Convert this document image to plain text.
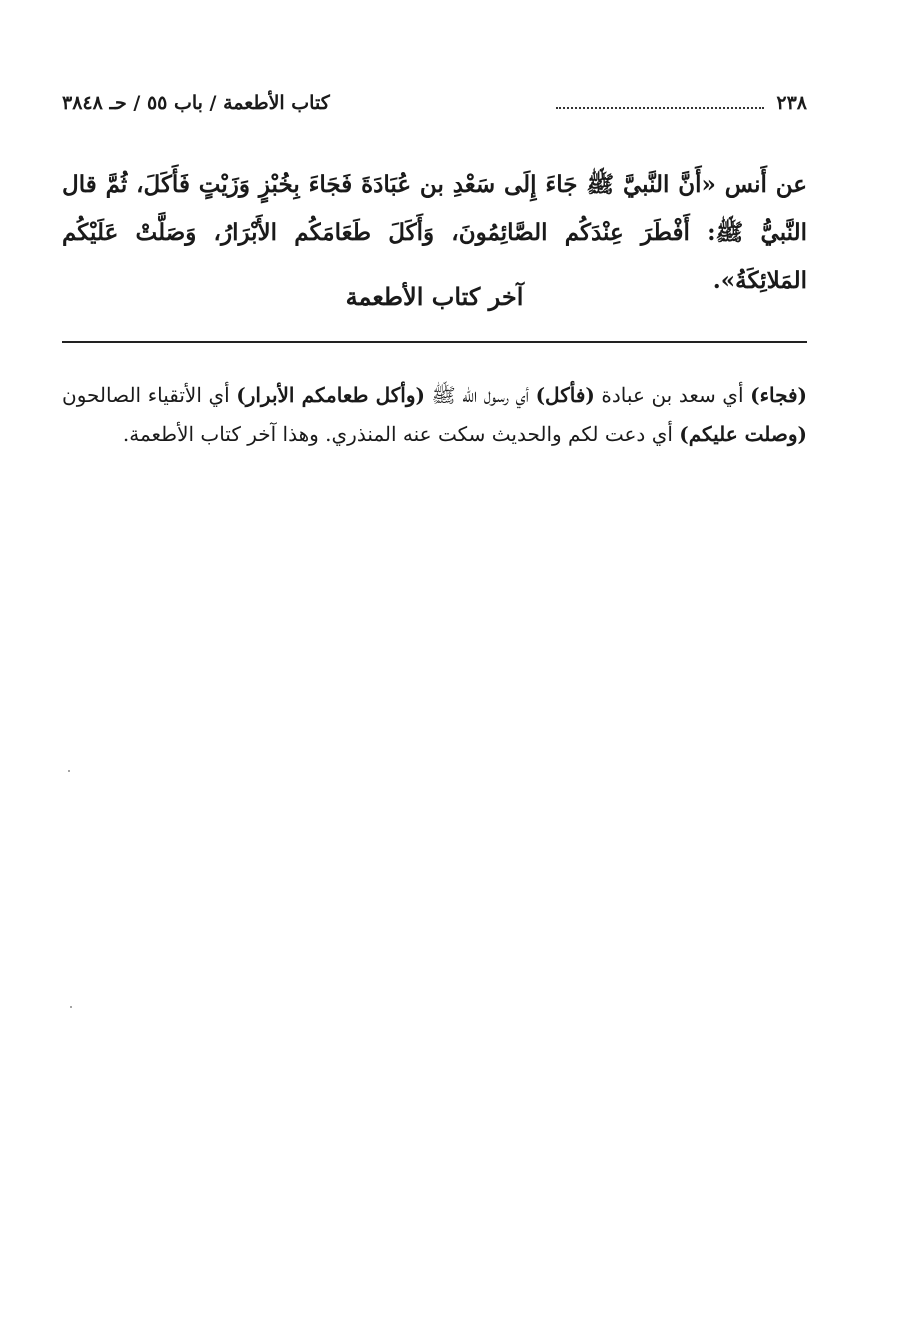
٢٣٨
كتاب الأطعمة / باب ٥٥ / حـ ٣٨٤٨

عن أَنس «أَنَّ النَّبيَّ ﷺ جَاءَ إِلَى سَعْدِ بن عُبَادَةَ فَجَاءَ بِخُبْزٍ وَزَيْتٍ فَأَكَلَ، ثُمَّ قال النَّبيُّ ﷺ: أَفْطَرَ عِنْدَكُم الصَّائِمُونَ، وَأَكَلَ طَعَامَكُم الأَبْرَارُ، وَصَلَّتْ عَلَيْكُم المَلائِكَةُ».

آخر كتاب الأطعمة

(فجاء) أي سعد بن عبادة (فأكل) أي رسول الله ﷺ (وأكل طعامكم الأبرار) أي الأتقياء الصالحون (وصلت عليكم) أي دعت لكم والحديث سكت عنه المنذري. وهذا آخر كتاب الأطعمة.
